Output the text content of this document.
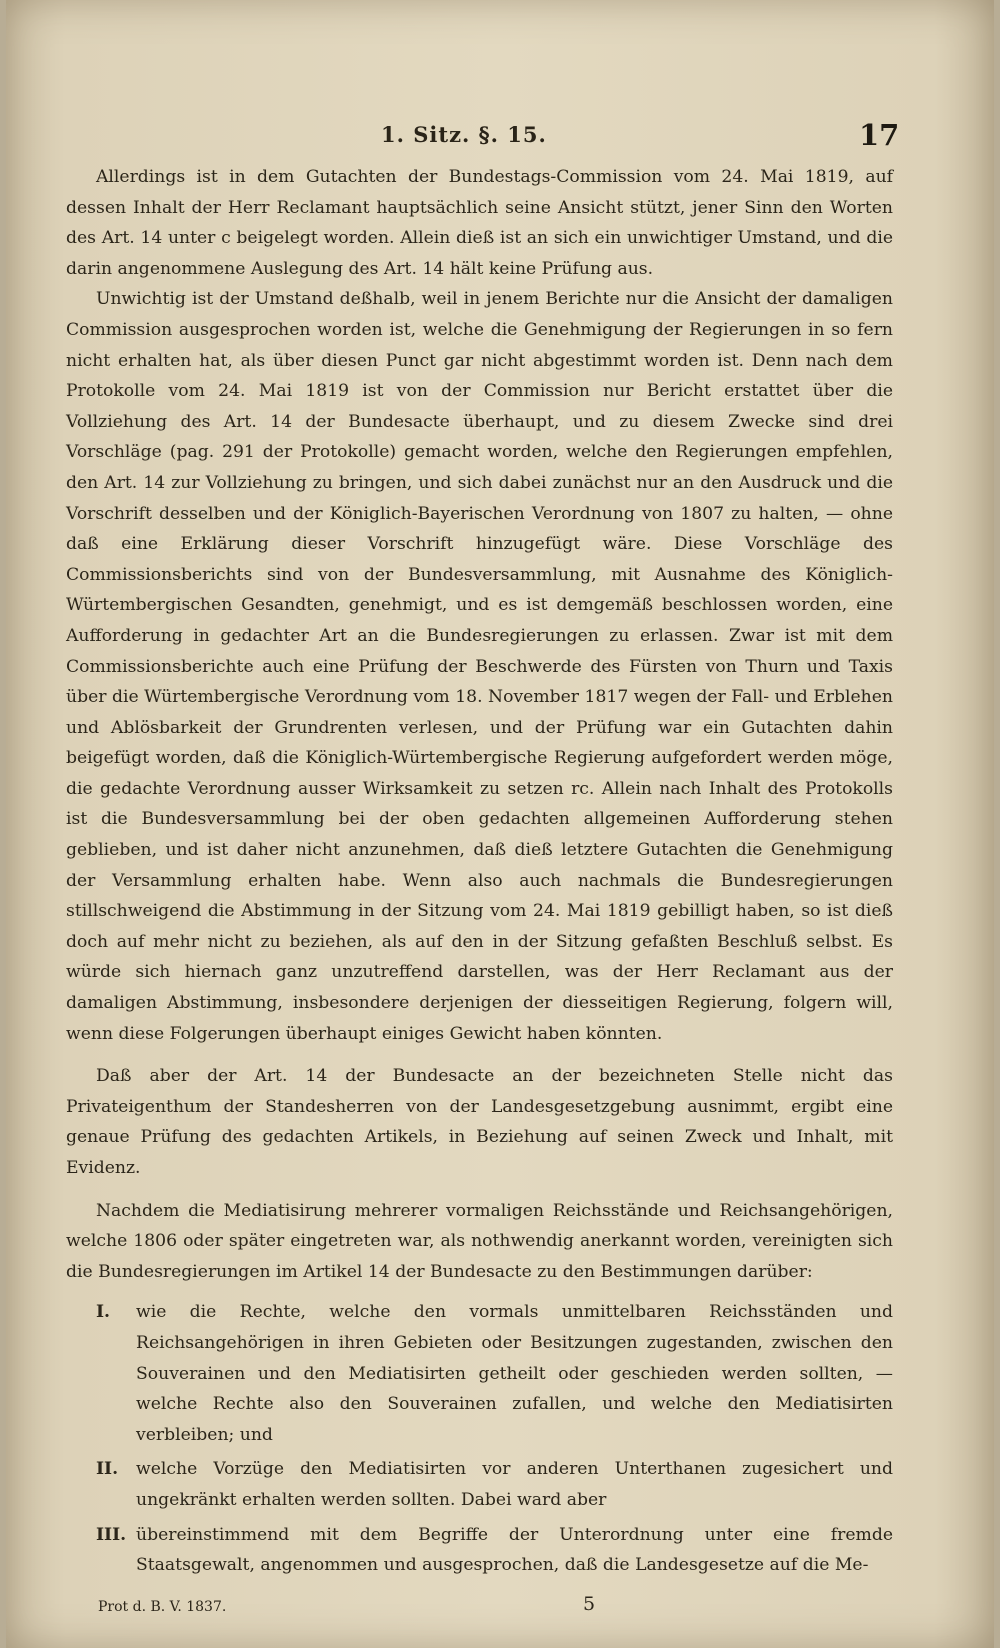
1. Sitz. §. 15.	17

Allerdings ist in dem Gutachten der Bundestags-Commission vom 24. Mai 1819, auf dessen Inhalt der Herr Reclamant hauptsächlich seine Ansicht stützt, jener Sinn den Worten des Art. 14 unter c beigelegt worden. Allein dieß ist an sich ein unwichtiger Umstand, und die darin angenommene Auslegung des Art. 14 hält keine Prüfung aus.

Unwichtig ist der Umstand deßhalb, weil in jenem Berichte nur die Ansicht der damaligen Commission ausgesprochen worden ist, welche die Genehmigung der Regierungen in so fern nicht erhalten hat, als über diesen Punct gar nicht abgestimmt worden ist. Denn nach dem Protokolle vom 24. Mai 1819 ist von der Commission nur Bericht erstattet über die Vollziehung des Art. 14 der Bundesacte überhaupt, und zu diesem Zwecke sind drei Vorschläge (pag. 291 der Protokolle) gemacht worden, welche den Regierungen empfehlen, den Art. 14 zur Vollziehung zu bringen, und sich dabei zunächst nur an den Ausdruck und die Vorschrift desselben und der Königlich-Bayerischen Verordnung von 1807 zu halten, — ohne daß eine Erklärung dieser Vorschrift hinzugefügt wäre. Diese Vorschläge des Commissionsberichts sind von der Bundesversammlung, mit Ausnahme des Königlich-Würtembergischen Gesandten, genehmigt, und es ist demgemäß beschlossen worden, eine Aufforderung in gedachter Art an die Bundesregierungen zu erlassen. Zwar ist mit dem Commissionsberichte auch eine Prüfung der Beschwerde des Fürsten von Thurn und Taxis über die Würtembergische Verordnung vom 18. November 1817 wegen der Fall- und Erblehen und Ablösbarkeit der Grundrenten verlesen, und der Prüfung war ein Gutachten dahin beigefügt worden, daß die Königlich-Würtembergische Regierung aufgefordert werden möge, die gedachte Verordnung ausser Wirksamkeit zu setzen rc. Allein nach Inhalt des Protokolls ist die Bundesversammlung bei der oben gedachten allgemeinen Aufforderung stehen geblieben, und ist daher nicht anzunehmen, daß dieß letztere Gutachten die Genehmigung der Versammlung erhalten habe. Wenn also auch nachmals die Bundesregierungen stillschweigend die Abstimmung in der Sitzung vom 24. Mai 1819 gebilligt haben, so ist dieß doch auf mehr nicht zu beziehen, als auf den in der Sitzung gefaßten Beschluß selbst. Es würde sich hiernach ganz unzutreffend darstellen, was der Herr Reclamant aus der damaligen Abstimmung, insbesondere derjenigen der diesseitigen Regierung, folgern will, wenn diese Folgerungen überhaupt einiges Gewicht haben könnten.

Daß aber der Art. 14 der Bundesacte an der bezeichneten Stelle nicht das Privateigenthum der Standesherren von der Landesgesetzgebung ausnimmt, ergibt eine genaue Prüfung des gedachten Artikels, in Beziehung auf seinen Zweck und Inhalt, mit Evidenz.

Nachdem die Mediatisirung mehrerer vormaligen Reichsstände und Reichsangehörigen, welche 1806 oder später eingetreten war, als nothwendig anerkannt worden, vereinigten sich die Bundesregierungen im Artikel 14 der Bundesacte zu den Bestimmungen darüber:

I.	wie die Rechte, welche den vormals unmittelbaren Reichsständen und Reichsangehörigen in ihren Gebieten oder Besitzungen zugestanden, zwischen den Souverainen und den Mediatisirten getheilt oder geschieden werden sollten, — welche Rechte also den Souverainen zufallen, und welche den Mediatisirten verbleiben; und
II.	welche Vorzüge den Mediatisirten vor anderen Unterthanen zugesichert und ungekränkt erhalten werden sollten. Dabei ward aber
III. übereinstimmend mit dem Begriffe der Unterordnung unter eine fremde Staatsgewalt, angenommen und ausgesprochen, daß die Landesgesetze auf die Me-
Prot d. B. V. 1837.	5
